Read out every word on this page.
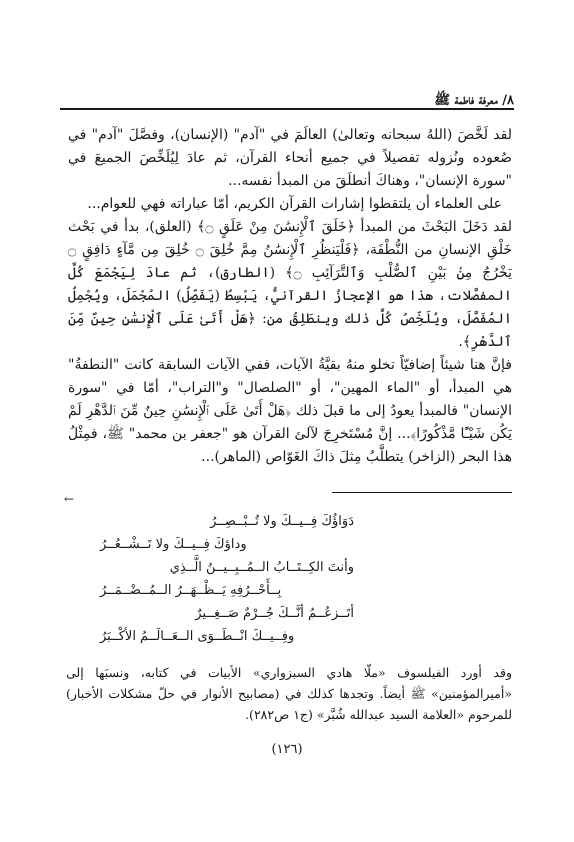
٨/ معرفة فاطمة ﷺ

لقد لَخَّصَ (اللهُ سبحانه وتعالىٰ) العالَمَ في "آدم" (الإنسان)، وفصَّلَ "آدم" في صُعوده ونُزوله تفصيلاً في جميع أنحاء القرآن، ثم عادَ لِيُلَخِّصَ الجميعَ في "سورة الإنسان"، وهناكَ أنطلَقَ من المبدأ نفسه...

على العلماء أن يلتقطوا إشارات القرآن الكريم، أمّا عباراته فهي للعوام...

لقد دَخَلَ البَحْثَ من المبدأ ﴿خَلَقَ ٱلْإِنسَٰنَ مِنْ عَلَقٍ ۝﴾ (العلق)، بدأ في بَحْث خَلْقِ الإنسانِ من النُّطْفَة، ﴿فَلْيَنظُرِ ٱلْإِنسَٰنُ مِمَّ خُلِقَ ۝ خُلِقَ مِن مَّآءٍ دَافِقٍ ۝ يَخْرُجُ مِنۢ بَيْنِ ٱلصُّلْبِ وَٱلتَّرَآئِبِ ۝﴾ (الطارق)، ثم عادَ لِيَجْمَعَ كُلَّ المفصَّلات، هذا هو الإعجازُ القرآنيُّ، يَبْسِطُ (يَفَصِّلُ) المُجْمَلَ، ويُجْمِلُ المُفَصَّلَ، ويُلَخِّصُ كُلَّ ذلك وينطَلِقُ من: ﴿هَلْ أَتَىٰ عَلَى ٱلْإِنسَٰنِ حِينٌ مِّنَ ٱلدَّهْرِ﴾.

فإنَّ هنا شيئاً إضافيّاً تخلو منهُ بقيَّةُ الآيات، ففي الآيات السابقة كانت "النطفةُ" هي المبدأ، أو "الماء المهين"، أو "الصلصال" و"التراب"، أمّا في "سورة الإنسان" فالمبدأ يعودُ إلى ما قبلَ ذلك ﴿هَلْ أَتَىٰ عَلَى ٱلْإِنسَٰنِ حِينٌ مِّنَ ٱلدَّهْرِ لَمْ يَكُن شَيْـًٔا مَّذْكُورًا﴾... إنَّ مُسْتَخرِجَ لآلئ القرآن هو "جعفر بن محمد" ﷺ، فمِثْلُ هذا البحر (الزاخر) يتطلَّبُ مِثلَ ذاكَ الغَوّاص (الماهر)...

←
دَوَاؤُكَ فِــيــكَ ولا تُــبْــصِــرُ
وداؤكَ فِــيــكَ ولا تَــشْــعُــرُ
وأنتَ الكِــتَــابُ الــمُــبِــيــنُ الَّــذِي
بِــأَحْــرُفِهِ يَــظْــهَــرُ الــمُــضْــمَــرُ
أتَــزعُــمُ أنَّــكَ جُــرْمٌ صَــغِــيرٌ
وفِــيــكَ انْــطَــوَى الــعَــالَــمُ الأكْــبَرُ

وقد أورد الفيلسوف «ملّا هادي السبزواري» الأبيات في كتابه، ونسبَها إلى «أميرالمؤمنين» ﷺ أيضاً. وتجدها كذلك في (مصابيح الأنوار في حلّ مشكلات الأخبار) للمرحوم «العلامة السيد عبدالله شُبَّر» (ج١ ص٢٨٢).

(١٢٦)
